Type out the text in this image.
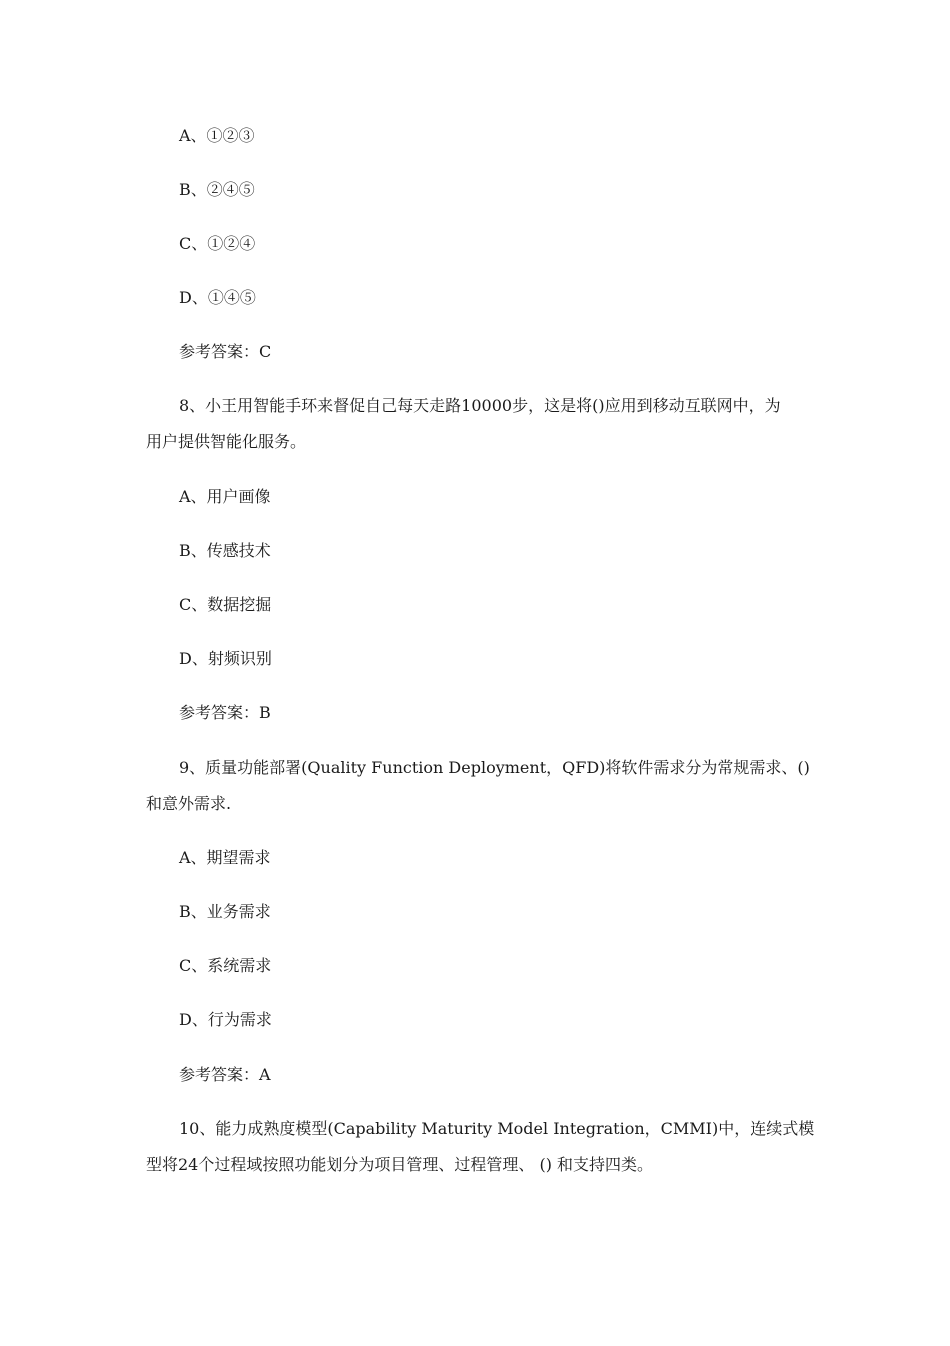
A、①②③

B、②④⑤

C、①②④

D、①④⑤

参考答案：C

8、小王用智能手环来督促自己每天走路10000步，这是将()应用到移动互联网中，为

用户提供智能化服务。

A、用户画像

B、传感技术

C、数据挖掘

D、射频识别

参考答案：B

9、质量功能部署(Quality Function Deployment，QFD)将软件需求分为常规需求、()

和意外需求.

A、期望需求

B、业务需求

C、系统需求

D、行为需求

参考答案：A

10、能力成熟度模型(Capability Maturity Model Integration，CMMI)中，连续式模

型将24个过程域按照功能划分为项目管理、过程管理、 () 和支持四类。
